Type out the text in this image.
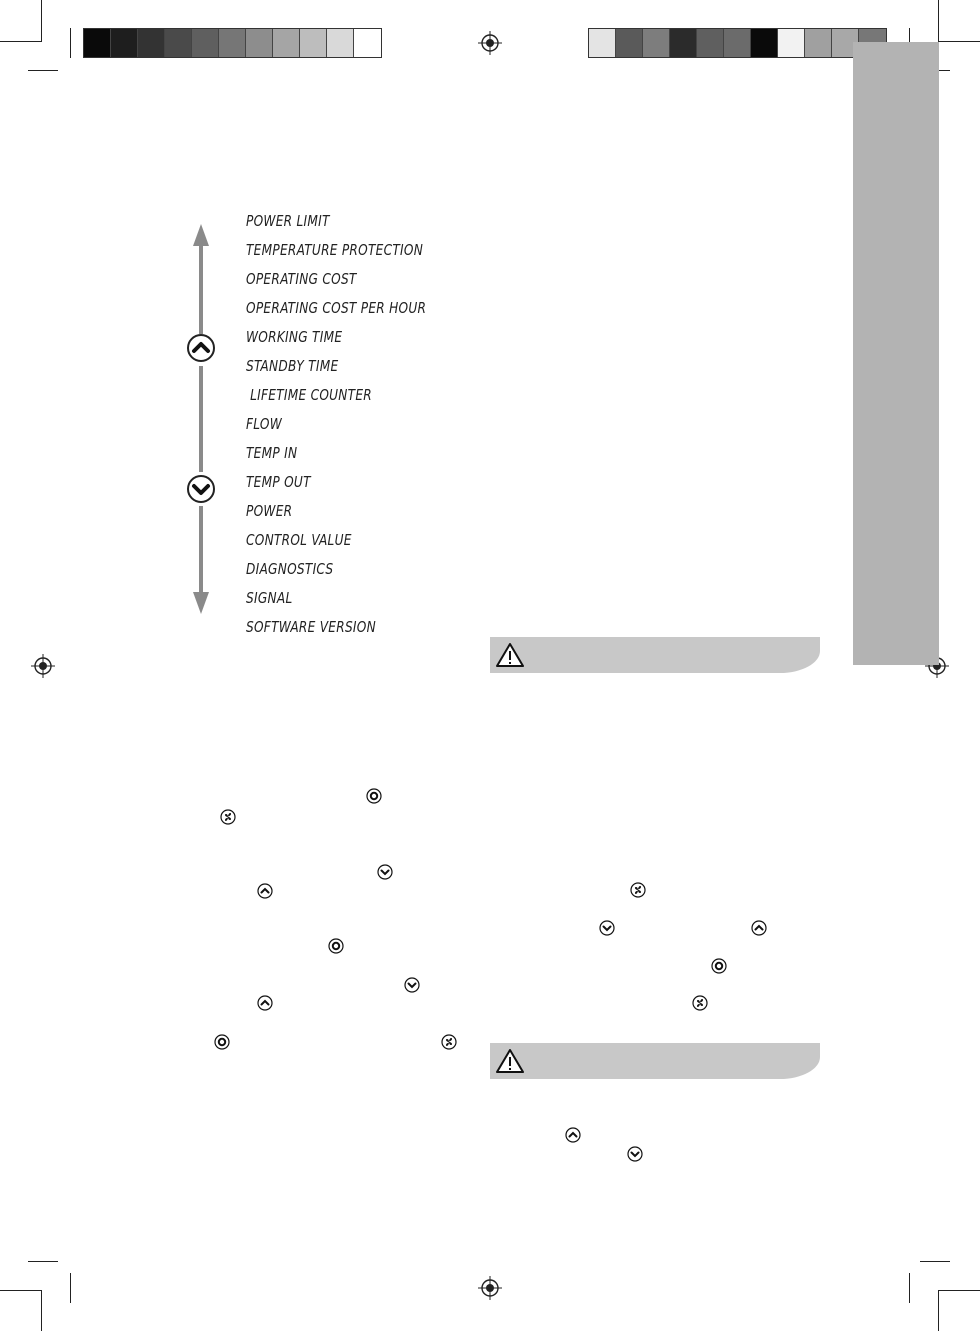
POWER LIMIT
TEMPERATURE PROTECTION
OPERATING COST
OPERATING COST PER HOUR
WORKING TIME
STANDBY TIME
LIFETIME COUNTER
FLOW
TEMP IN
TEMP OUT
POWER
CONTROL VALUE
DIAGNOSTICS
SIGNAL
SOFTWARE VERSION
